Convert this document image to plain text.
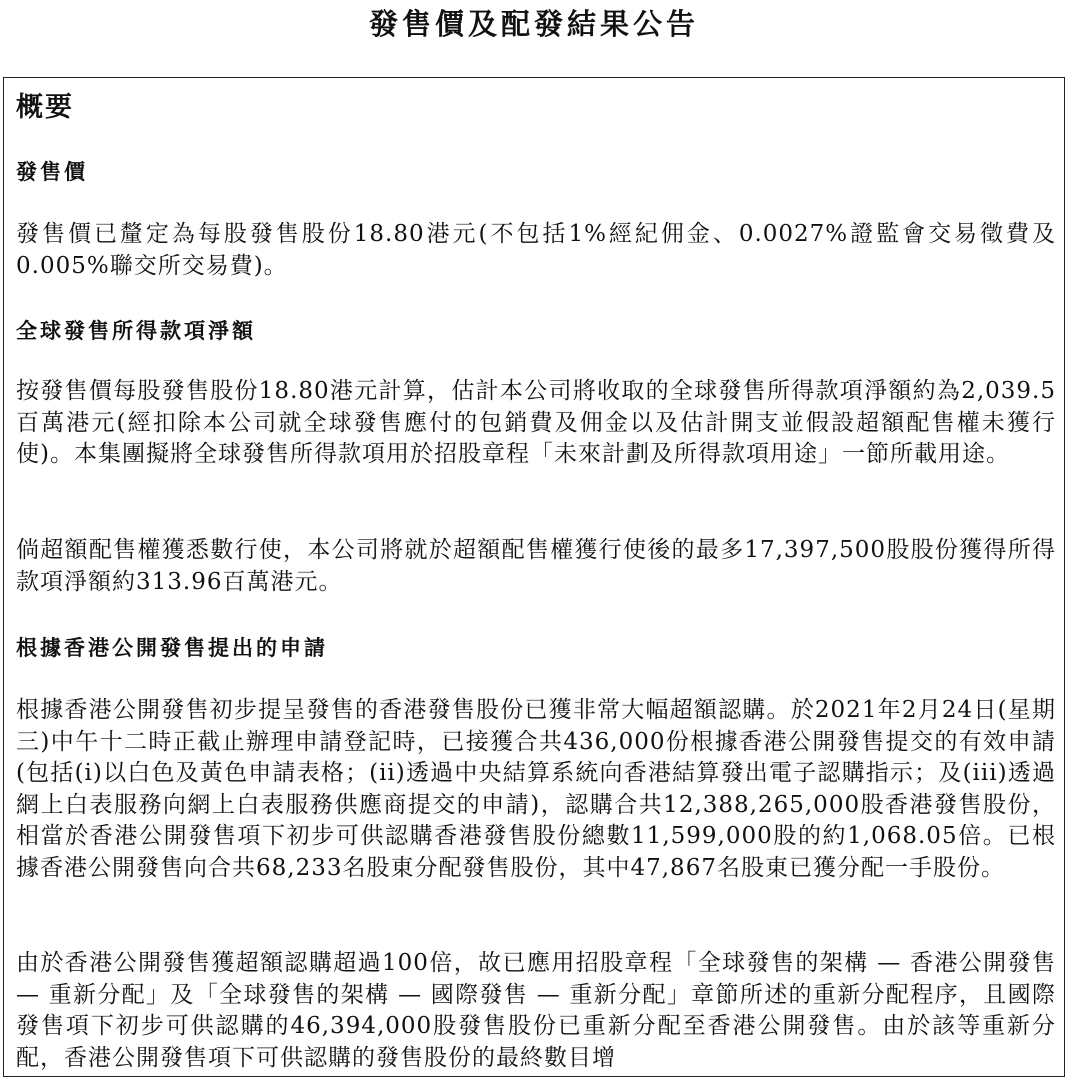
發售價及配發結果公告
概要
發售價

發售價已釐定為每股發售股份18.80港元(不包括1%經紀佣金、0.0027%證監會交易徵費及0.005%聯交所交易費)。

全球發售所得款項淨額

按發售價每股發售股份18.80港元計算，估計本公司將收取的全球發售所得款項淨額約為2,039.5百萬港元(經扣除本公司就全球發售應付的包銷費及佣金以及估計開支並假設超額配售權未獲行使)。本集團擬將全球發售所得款項用於招股章程「未來計劃及所得款項用途」一節所載用途。

倘超額配售權獲悉數行使，本公司將就於超額配售權獲行使後的最多17,397,500股股份獲得所得款項淨額約313.96百萬港元。

根據香港公開發售提出的申請

根據香港公開發售初步提呈發售的香港發售股份已獲非常大幅超額認購。於2021年2月24日(星期三)中午十二時正截止辦理申請登記時，已接獲合共436,000份根據香港公開發售提交的有效申請(包括(i)以白色及黃色申請表格；(ii)透過中央結算系統向香港結算發出電子認購指示；及(iii)透過網上白表服務向網上白表服務供應商提交的申請)，認購合共12,388,265,000股香港發售股份，相當於香港公開發售項下初步可供認購香港發售股份總數11,599,000股的約1,068.05倍。已根據香港公開發售向合共68,233名股東分配發售股份，其中47,867名股東已獲分配一手股份。

由於香港公開發售獲超額認購超過100倍，故已應用招股章程「全球發售的架構 — 香港公開發售 — 重新分配」及「全球發售的架構 — 國際發售 — 重新分配」章節所述的重新分配程序，且國際發售項下初步可供認購的46,394,000股發售股份已重新分配至香港公開發售。由於該等重新分配，香港公開發售項下可供認購的發售股份的最終數目增
